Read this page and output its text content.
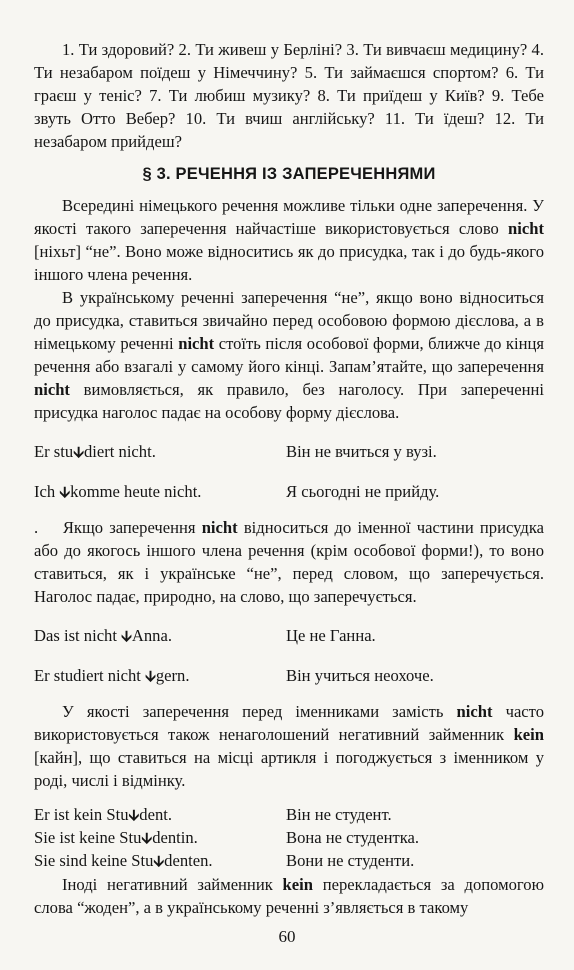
1. Ти здоровий? 2. Ти живеш у Берліні? 3. Ти вивчаєш медицину? 4. Ти незабаром поїдеш у Німеччину? 5. Ти займаєшся спортом? 6. Ти граєш у теніс? 7. Ти любиш музику? 8. Ти приїдеш у Київ? 9. Тебе звуть Отто Вебер? 10. Ти вчиш англійську? 11. Ти їдеш? 12. Ти незабаром прийдеш?

§ 3. РЕЧЕННЯ ІЗ ЗАПЕРЕЧЕННЯМИ

Всередині німецького речення можливе тільки одне заперечення. У якості такого заперечення найчастіше використовується слово nicht [ніхьт] “не”. Воно може відноситись як до присудка, так і до будь-якого іншого члена речення.

В українському реченні заперечення “не”, якщо воно відноситься до присудка, ставиться звичайно перед особовою формою дієслова, а в німецькому реченні nicht стоїть після особової форми, ближче до кінця речення або взагалі у самому його кінці. Запам’ятайте, що заперечення nicht вимовляється, як правило, без наголосу. При запереченні присудка наголос падає на особову форму дієслова.

Er stu🡫diert nicht.	Він не вчиться у вузі.
Ich 🡫komme heute nicht.	Я сьогодні не прийду.

.    Якщо заперечення nicht відноситься до іменної частини присудка або до якогось іншого члена речення (крім особової форми!), то воно ставиться, як і українське “не”, перед словом, що заперечується. Наголос падає, природно, на слово, що заперечується.

Das ist nicht 🡫Anna.	Це не Ганна.
Er studiert nicht 🡫gern.	Він учиться неохоче.

У якості заперечення перед іменниками замість nicht часто використовується також ненаголошений негативний займенник kein [кайн], що ставиться на місці артикля і погоджується з іменником у роді, числі і відмінку.

Er ist kein Stu🡫dent.	Він не студент.
Sie ist keine Stu🡫dentin.	Вона не студентка.
Sie sind keine Stu🡫denten.	Вони не студенти.

Іноді негативний займенник kein перекладається за допомогою слова “жоден”, а в українському реченні з’являється в такому

60
